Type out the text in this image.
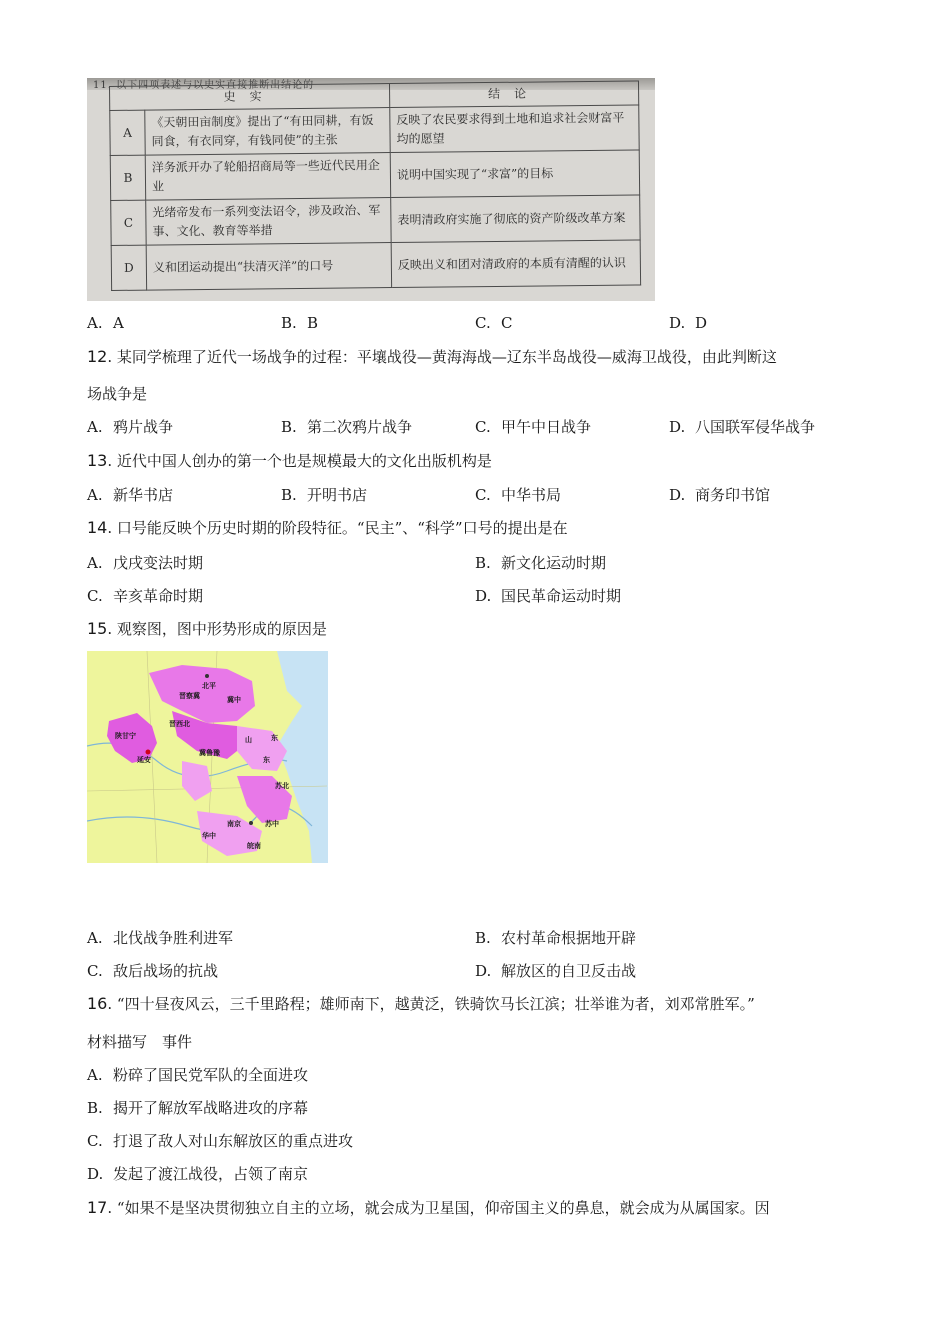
11. 以下四项表述与以史实直接推断出结论的
史实		结论
A	《天朝田亩制度》提出了“有田同耕，有饭同食，有衣同穿，有钱同使”的主张	反映了农民要求得到土地和追求社会财富平均的愿望
B	洋务派开办了轮船招商局等一些近代民用企业	说明中国实现了“求富”的目标
C	光绪帝发布一系列变法诏令，涉及政治、军事、文化、教育等举措	表明清政府实施了彻底的资产阶级改革方案
D	义和团运动提出“扶清灭洋”的口号	反映出义和团对清政府的本质有清醒的认识
A. A	B. B	C. C	D. D
12. 某同学梳理了近代一场战争的过程：平壤战役—黄海海战—辽东半岛战役—威海卫战役，由此判断这
场战争是
A. 鸦片战争	B. 第二次鸦片战争	C. 甲午中日战争	D. 八国联军侵华战争
13. 近代中国人创办的第一个也是规模最大的文化出版机构是
A. 新华书店	B. 开明书店	C. 中华书局	D. 商务印书馆
14. 口号能反映个历史时期的阶段特征。“民主”、“科学”口号的提出是在
A. 戊戌变法时期	B. 新文化运动时期
C. 辛亥革命时期	D. 国民革命运动时期
15. 观察图，图中形势形成的原因是
北平
晋察冀	冀中
晋西北
陕甘宁
延安
冀鲁豫
山
东
东
苏北
南京	苏中
华中
皖南
A. 北伐战争胜利进军	B. 农村革命根据地开辟
C. 敌后战场的抗战	D. 解放区的自卫反击战
16. “四十昼夜风云，三千里路程；雄师南下，越黄泛，铁骑饮马长江滨；壮举谁为者，刘邓常胜军。”
材料描写　事件
A. 粉碎了国民党军队的全面进攻
B. 揭开了解放军战略进攻的序幕
C. 打退了敌人对山东解放区的重点进攻
D. 发起了渡江战役，占领了南京
17. “如果不是坚决贯彻独立自主的立场，就会成为卫星国，仰帝国主义的鼻息，就会成为从属国家。因
